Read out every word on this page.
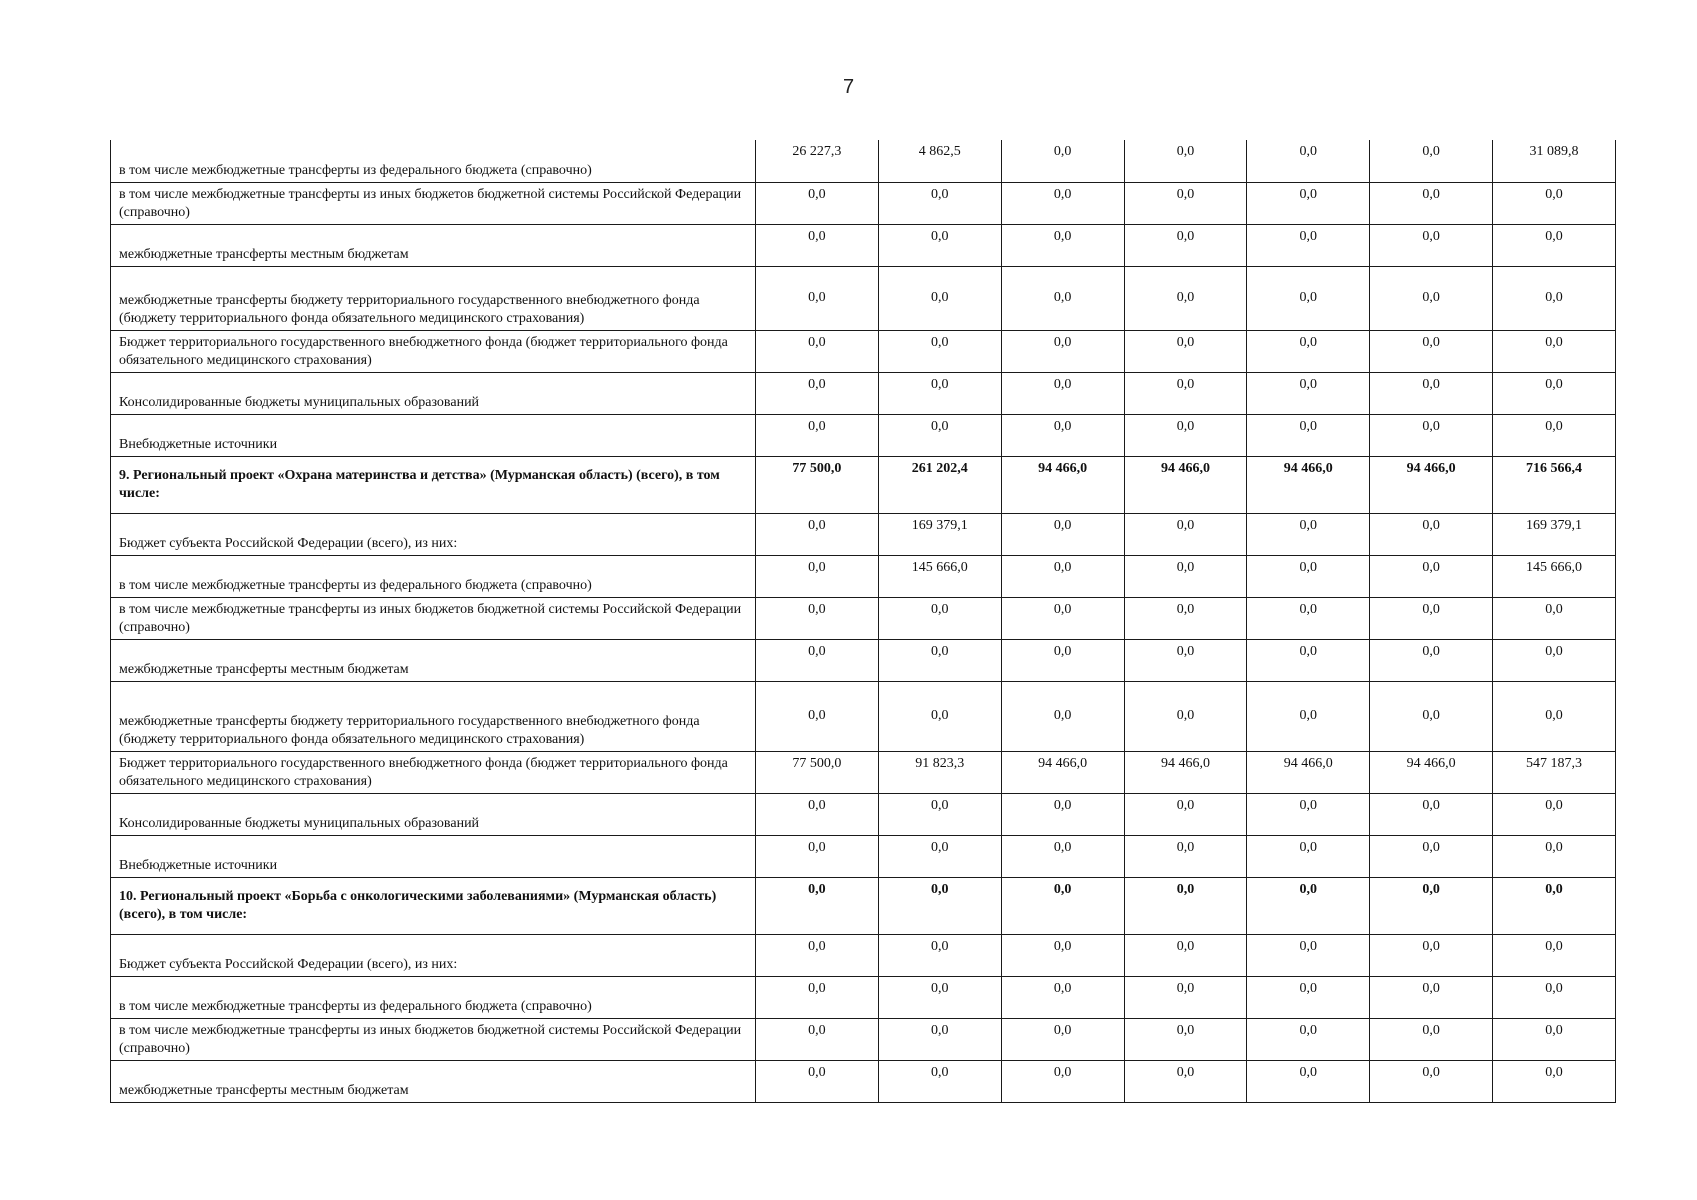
7
в том числе межбюджетные трансферты из федерального бюджета (справочно)	26 227,3	4 862,5	0,0	0,0	0,0	0,0	31 089,8
в том числе межбюджетные трансферты из иных бюджетов бюджетной системы Российской Федерации (справочно)	0,0	0,0	0,0	0,0	0,0	0,0	0,0
межбюджетные трансферты местным бюджетам	0,0	0,0	0,0	0,0	0,0	0,0	0,0
межбюджетные трансферты бюджету территориального государственного внебюджетного фонда (бюджету территориального фонда обязательного медицинского страхования)	0,0	0,0	0,0	0,0	0,0	0,0	0,0
Бюджет территориального государственного внебюджетного фонда (бюджет территориального фонда обязательного медицинского страхования)	0,0	0,0	0,0	0,0	0,0	0,0	0,0
Консолидированные бюджеты муниципальных образований	0,0	0,0	0,0	0,0	0,0	0,0	0,0
Внебюджетные источники	0,0	0,0	0,0	0,0	0,0	0,0	0,0
9. Региональный проект «Охрана материнства и детства» (Мурманская область) (всего), в том числе:	77 500,0	261 202,4	94 466,0	94 466,0	94 466,0	94 466,0	716 566,4
Бюджет субъекта Российской Федерации (всего), из них:	0,0	169 379,1	0,0	0,0	0,0	0,0	169 379,1
в том числе межбюджетные трансферты из федерального бюджета (справочно)	0,0	145 666,0	0,0	0,0	0,0	0,0	145 666,0
в том числе межбюджетные трансферты из иных бюджетов бюджетной системы Российской Федерации (справочно)	0,0	0,0	0,0	0,0	0,0	0,0	0,0
межбюджетные трансферты местным бюджетам	0,0	0,0	0,0	0,0	0,0	0,0	0,0
межбюджетные трансферты бюджету территориального государственного внебюджетного фонда (бюджету территориального фонда обязательного медицинского страхования)	0,0	0,0	0,0	0,0	0,0	0,0	0,0
Бюджет территориального государственного внебюджетного фонда (бюджет территориального фонда обязательного медицинского страхования)	77 500,0	91 823,3	94 466,0	94 466,0	94 466,0	94 466,0	547 187,3
Консолидированные бюджеты муниципальных образований	0,0	0,0	0,0	0,0	0,0	0,0	0,0
Внебюджетные источники	0,0	0,0	0,0	0,0	0,0	0,0	0,0
10. Региональный проект «Борьба с онкологическими заболеваниями» (Мурманская область) (всего), в том числе:	0,0	0,0	0,0	0,0	0,0	0,0	0,0
Бюджет субъекта Российской Федерации (всего), из них:	0,0	0,0	0,0	0,0	0,0	0,0	0,0
в том числе межбюджетные трансферты из федерального бюджета (справочно)	0,0	0,0	0,0	0,0	0,0	0,0	0,0
в том числе межбюджетные трансферты из иных бюджетов бюджетной системы Российской Федерации (справочно)	0,0	0,0	0,0	0,0	0,0	0,0	0,0
межбюджетные трансферты местным бюджетам	0,0	0,0	0,0	0,0	0,0	0,0	0,0
